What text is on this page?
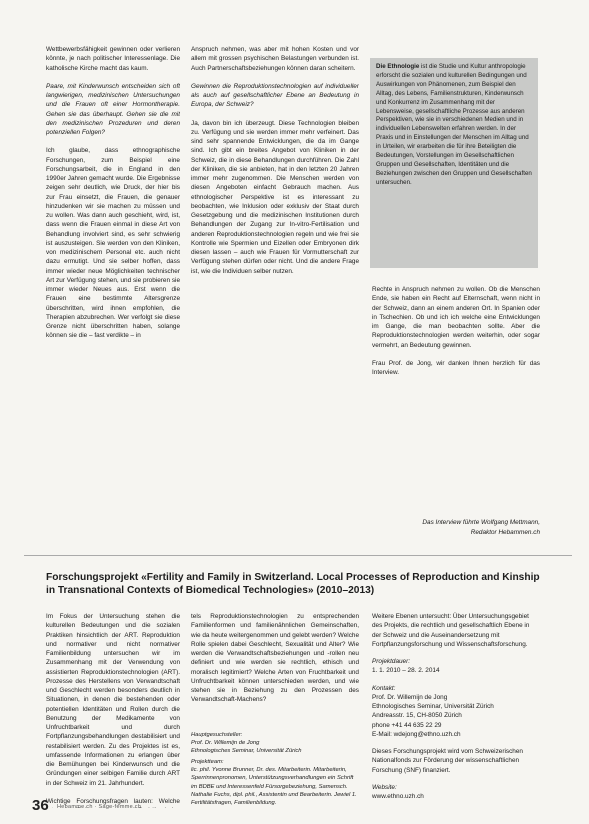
Wettbewerbsfähigkeit gewinnen oder verlieren könnte, je nach politischer Interessenlage. Die katholische Kirche macht das kaum.

Paare, mit Kinderwunsch entscheiden sich oft langwierigen, medizinischen Untersuchungen und die Frauen oft einer Hormontherapie. Gehen sie das überhaupt. Gehen sie die mit den medizinischen Prozeduren und deren potenziellen Folgen?

Ich glaube, dass ethnographische Forschungen, zum Beispiel eine Forschungsarbeit, die in England in den 1990er Jahren gemacht wurde. Die Ergebnisse zeigen sehr deutlich, wie Druck, der hier bis zur Frau einsetzt, die Frauen, die genauer hinzudenken wir sie machen zu müssen und zu wollen. Was dann auch geschieht, wird, ist, dass wenn die Frauen einmal in diese Art von Behandlung involviert sind, es sehr schwierig ist auszusteigen. Sie werden von den Kliniken, von medizinischem Personal etc. auch nicht dazu ermutigt. Und sie selber hoffen, dass immer wieder neue Möglichkeiten technischer Art zur Verfügung stehen, und sie probieren sie immer wieder Neues aus. Erst wenn die Frauen eine bestimmte Altersgrenze überschritten, wird ihnen empfohlen, die Therapien abzubrechen. Wer verfolgt sie diese Grenze nicht überschritten haben, solange können sie die – fast verdikte – in

Anspruch nehmen, was aber mit hohen Kosten und vor allem mit grossen psychischen Belastungen verbunden ist. Auch Partnerschaftsbeziehungen können daran scheitern.

Gewinnen die Reproduktionstechnologien auf individueller als auch auf gesellschaftlicher Ebene an Bedeutung in Europa, der Schweiz?

Ja, davon bin ich überzeugt. Diese Technologien bleiben zu. Verfügung und sie werden immer mehr verfeinert. Das sind sehr spannende Entwicklungen, die da im Gange sind. Ich gibt ein breites Angebot von Kliniken in der Schweiz, die in diese Behandlungen durchführen. Die Zahl der Kliniken, die sie anbieten, hat in den letzten 20 Jahren immer mehr zugenommen. Die Menschen werden von diesen Angeboten einfacht Gebrauch machen. Aus ethnologischer Perspektive ist es interessant zu beobachten, wie Inklusion oder exklusiv der Staat durch Gesetzgebung und die medizinischen Institutionen durch Behandlungen der Zugang zur In-vitro-Fertilisation und anderen Reproduktionstechnologien regeln und wie frei sie Kontrolle wie Spermien und Eizellen oder Embryonen dirk diesen lassen – auch wie Frauen für Vormutterschaft zur Verfügung stehen dürfen oder nicht. Und die andere Frage ist, wie die Individuen selber nutzen.

Die Ethnologie ist die Studie und Kultur anthropologie erforscht die sozialen und kulturellen Bedingungen und Auswirkungen von Phänomenen, zum Beispiel den Alltag, des Lebens, Familienstrukturen, Kinderwunsch und Konkurrenz im Zusammenhang mit der Lebensweise, gesellschaftliche Prozesse aus anderen Perspektiven, wie sie in verschiedenen Medien und in individuellen Lebenswelten erfahren werden. In der Praxis und in Einstellungen der Menschen im Alltag und in Urteilen, wir erarbeiten die für ihre Beteiligten die Bedeutungen, Vorstellungen im Gesellschaftlichen Gruppen und Gesellschaften, Identitäten und die Beziehungen zwischen den Gruppen und Gesellschaften untersuchen.

Rechte in Anspruch nehmen zu wollen. Ob die Menschen Ende, sie haben ein Recht auf Elternschaft, wenn nicht in der Schweiz, dann an einem anderen Ort. In Spanien oder in Tschechien. Ob und ich ich welche eine Entwicklungen im Gange, die man beobachten sollte. Aber die Reproduktionstechnologien werden weiterhin, oder sogar vermehrt, an Bedeutung gewinnen.

Frau Prof. de Jong, wir danken Ihnen herzlich für das Interview.

Das Interview führte Wolfgang Mettmann,
Redaktor Hebammen.ch
Forschungsprojekt «Fertility and Family in Switzerland. Local Processes of Reproduction and Kinship in Transnational Contexts of Biomedical Technologies» (2010–2013)

Im Fokus der Untersuchung stehen die kulturellen Bedeutungen und die sozialen Praktiken hinsichtlich der ART. Reproduktion und normativer und nicht normativer Familienbildung untersuchen wir im Zusammenhang mit der Verwendung von assistierten Reproduktionstechnologien (ART). Prozesse des Herstellens von Verwandtschaft und Geschlecht werden besonders deutlich in Situationen, in denen die bestehenden oder potentiellen Identitäten und Rollen durch die Benutzung der Medikamente von Unfruchtbarkeit und durch Fortpflanzungsbehandlungen destabilisiert und restabilisiert werden. Zu des Projektes ist es, umfassende Informationen zu erlangen über die Bemühungen bei Kinderwunsch und die Gründungen einer selbigen Familie durch ART in der Schweiz im 21. Jahrhundert.

Wichtige Forschungsfragen lauten: Welche

tels Reproduktionstechnologien zu entsprechenden Familienformen und familienähnlichen Gemeinschaften, wie da heute weitergenommen und gelebt werden? Welche Rolle spielen dabei Geschlecht, Sexualität und Alter? Wie werden die Verwandtschaftsbeziehungen und -rollen neu definiert und wie werden sie rechtlich, ethisch und moralisch legitimiert? Welche Arten von Fruchtbarkeit und Unfruchtbarkeit können unterschieden werden, und wie stehen sie in Beziehung zu den Prozessen des Verwandtschaft-Machens?

Hauptgesuchsteller:
Prof. Dr. Willemijn de Jong
Ethnologisches Seminar, Universität Zürich
Projektteam:
lic. phil. Yvonne Brunner, Dr. des. Mitarbeiterin. Mitarbeiterin, Sperrinnenpronomen, Unterstützungsverhandlungen ein Schrift im BDBE und Interessenfeld Fürsorgebeziehung, Samensch. Nathalie Fuchs, dipl. phil., Assistentin und Bearbeiterin. Jewiel 1. Fertilitätsfragen, Familienbildung.
Weitere Ebenen untersucht: Über Untersuchungsgebiet des Projekts, die rechtlich und gesellschaftlich Ebene in der Schweiz und die Auseinandersetzung mit Fortpflanzungsforschung und Wissenschaftsforschung.
Projektdauer:
1. 1. 2010 – 28. 2. 2014
Kontakt:
Prof. Dr. Willemijn de Jong
Ethnologisches Seminar, Universität Zürich
Andreasstr. 15, CH-8050 Zürich
phone +41 44 635 22 29
E-Mail: wdejong@ethno.uzh.ch
Dieses Forschungsprojekt wird vom Schweizerischen Nationalfonds zur Förderung der wissenschaftlichen Forschung (SNF) finanziert.
Website:
www.ethno.uzh.ch
36 Hebamme.ch · Sage-femme.ch
